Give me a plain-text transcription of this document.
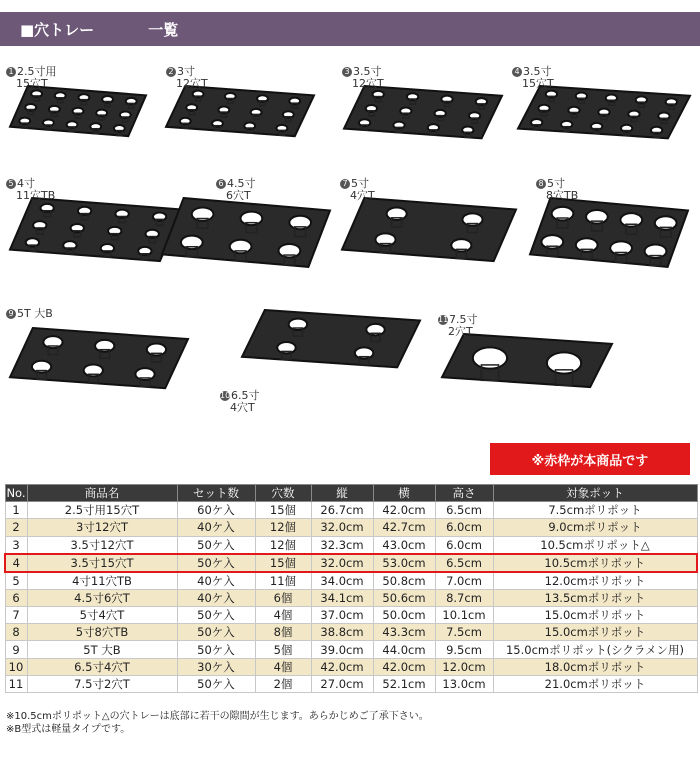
■穴トレー	一覧
1 2.5寸用
15穴T
2 3寸
12穴T
3 3.5寸
12穴T
4 3.5寸
15穴T
5 4寸
11穴TB
6 4.5寸
6穴T
7 5寸
4穴T
8 5寸
8穴TB
9 5T 大B
106.5寸
4穴T
117.5寸
2穴T
※赤枠が本商品です
No.	商品名	セット数	穴数	縦	横	高さ	対象ポット
1	2.5寸用15穴T	60ケ入	15個	26.7cm	42.0cm	6.5cm	7.5cmポリポット
2	3寸12穴T	40ケ入	12個	32.0cm	42.7cm	6.0cm	9.0cmポリポット
3	3.5寸12穴T	50ケ入	12個	32.3cm	43.0cm	6.0cm	10.5cmポリポット△
4	3.5寸15穴T	50ケ入	15個	32.0cm	53.0cm	6.5cm	10.5cmポリポット
5	4寸11穴TB	40ケ入	11個	34.0cm	50.8cm	7.0cm	12.0cmポリポット
6	4.5寸6穴T	40ケ入	6個	34.1cm	50.6cm	8.7cm	13.5cmポリポット
7	5寸4穴T	50ケ入	4個	37.0cm	50.0cm	10.1cm	15.0cmポリポット
8	5寸8穴TB	50ケ入	8個	38.8cm	43.3cm	7.5cm	15.0cmポリポット
9	5T 大B	50ケ入	5個	39.0cm	44.0cm	9.5cm	15.0cmポリポット(シクラメン用)
10	6.5寸4穴T	30ケ入	4個	42.0cm	42.0cm	12.0cm	18.0cmポリポット
11	7.5寸2穴T	50ケ入	2個	27.0cm	52.1cm	13.0cm	21.0cmポリポット
※10.5cmポリポット△の穴トレーは底部に若干の隙間が生じます。あらかじめご了承下さい。
※B型式は軽量タイプです。
